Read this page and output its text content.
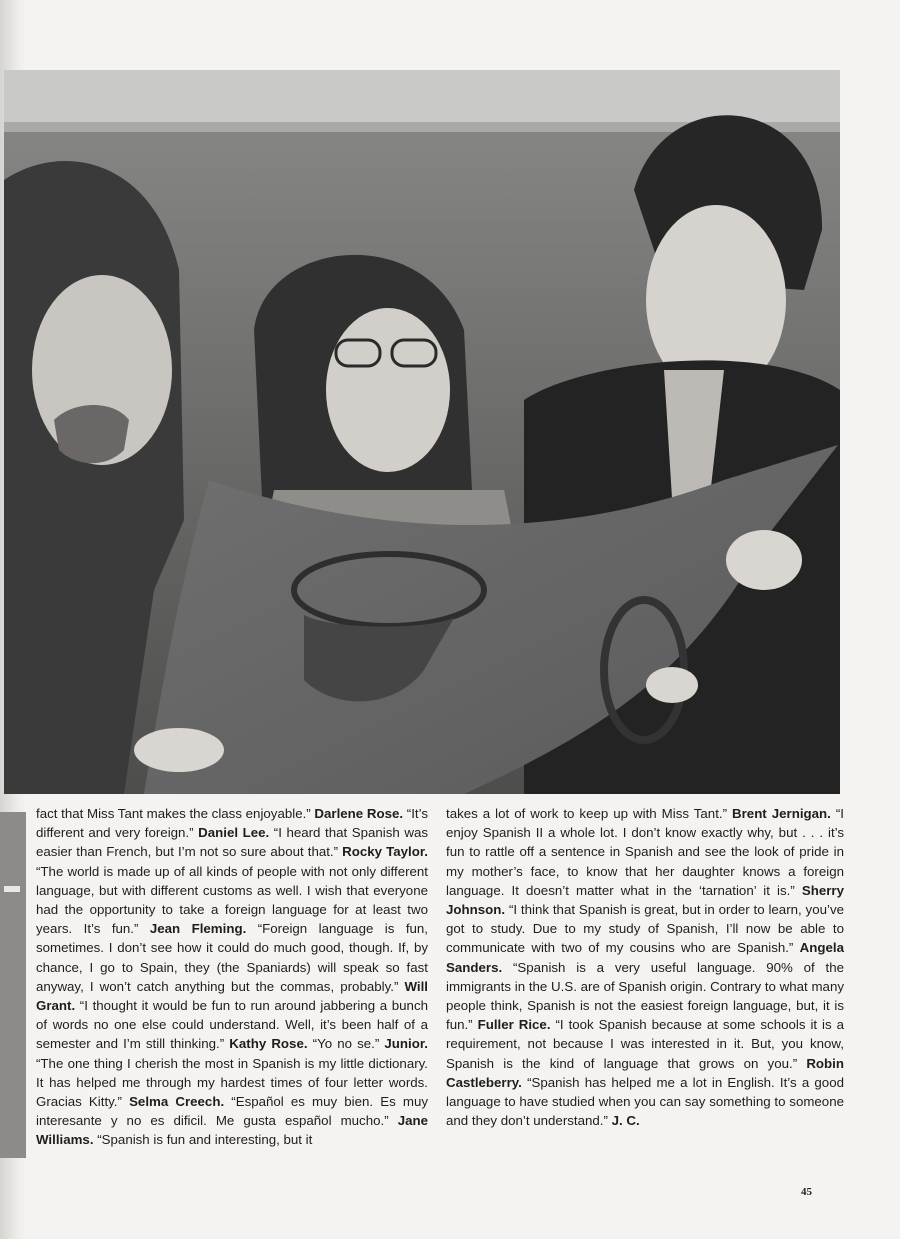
fact that Miss Tant makes the class enjoyable.” Darlene Rose. “It’s different and very foreign.” Daniel Lee. “I heard that Spanish was easier than French, but I’m not so sure about that.” Rocky Taylor. “The world is made up of all kinds of people with not only different language, but with different customs as well. I wish that everyone had the opportunity to take a foreign language for at least two years. It’s fun.” Jean Fleming. “Foreign language is fun, sometimes. I don’t see how it could do much good, though. If, by chance, I go to Spain, they (the Spaniards) will speak so fast anyway, I won’t catch anything but the commas, probably.” Will Grant. “I thought it would be fun to run around jabbering a bunch of words no one else could understand. Well, it’s been half of a semester and I’m still thinking.” Kathy Rose. “Yo no se.” Junior. “The one thing I cherish the most in Spanish is my little dictionary. It has helped me through my hardest times of four letter words. Gracias Kitty.” Selma Creech. “Español es muy bien. Es muy interesante y no es dificil. Me gusta español mucho.” Jane Williams. “Spanish is fun and interesting, but it

takes a lot of work to keep up with Miss Tant.” Brent Jernigan. “I enjoy Spanish II a whole lot. I don’t know exactly why, but . . . it’s fun to rattle off a sentence in Spanish and see the look of pride in my mother’s face, to know that her daughter knows a foreign language. It doesn’t matter what in the ‘tarnation’ it is.” Sherry Johnson. “I think that Spanish is great, but in order to learn, you’ve got to study. Due to my study of Spanish, I’ll now be able to communicate with two of my cousins who are Spanish.” Angela Sanders. “Spanish is a very useful language. 90% of the immigrants in the U.S. are of Spanish origin. Contrary to what many people think, Spanish is not the easiest foreign language, but, it is fun.” Fuller Rice. “I took Spanish because at some schools it is a requirement, not because I was interested in it. But, you know, Spanish is the kind of language that grows on you.” Robin Castleberry. “Spanish has helped me a lot in English. It’s a good language to have studied when you can say something to someone and they don’t understand.” J. C.

45
